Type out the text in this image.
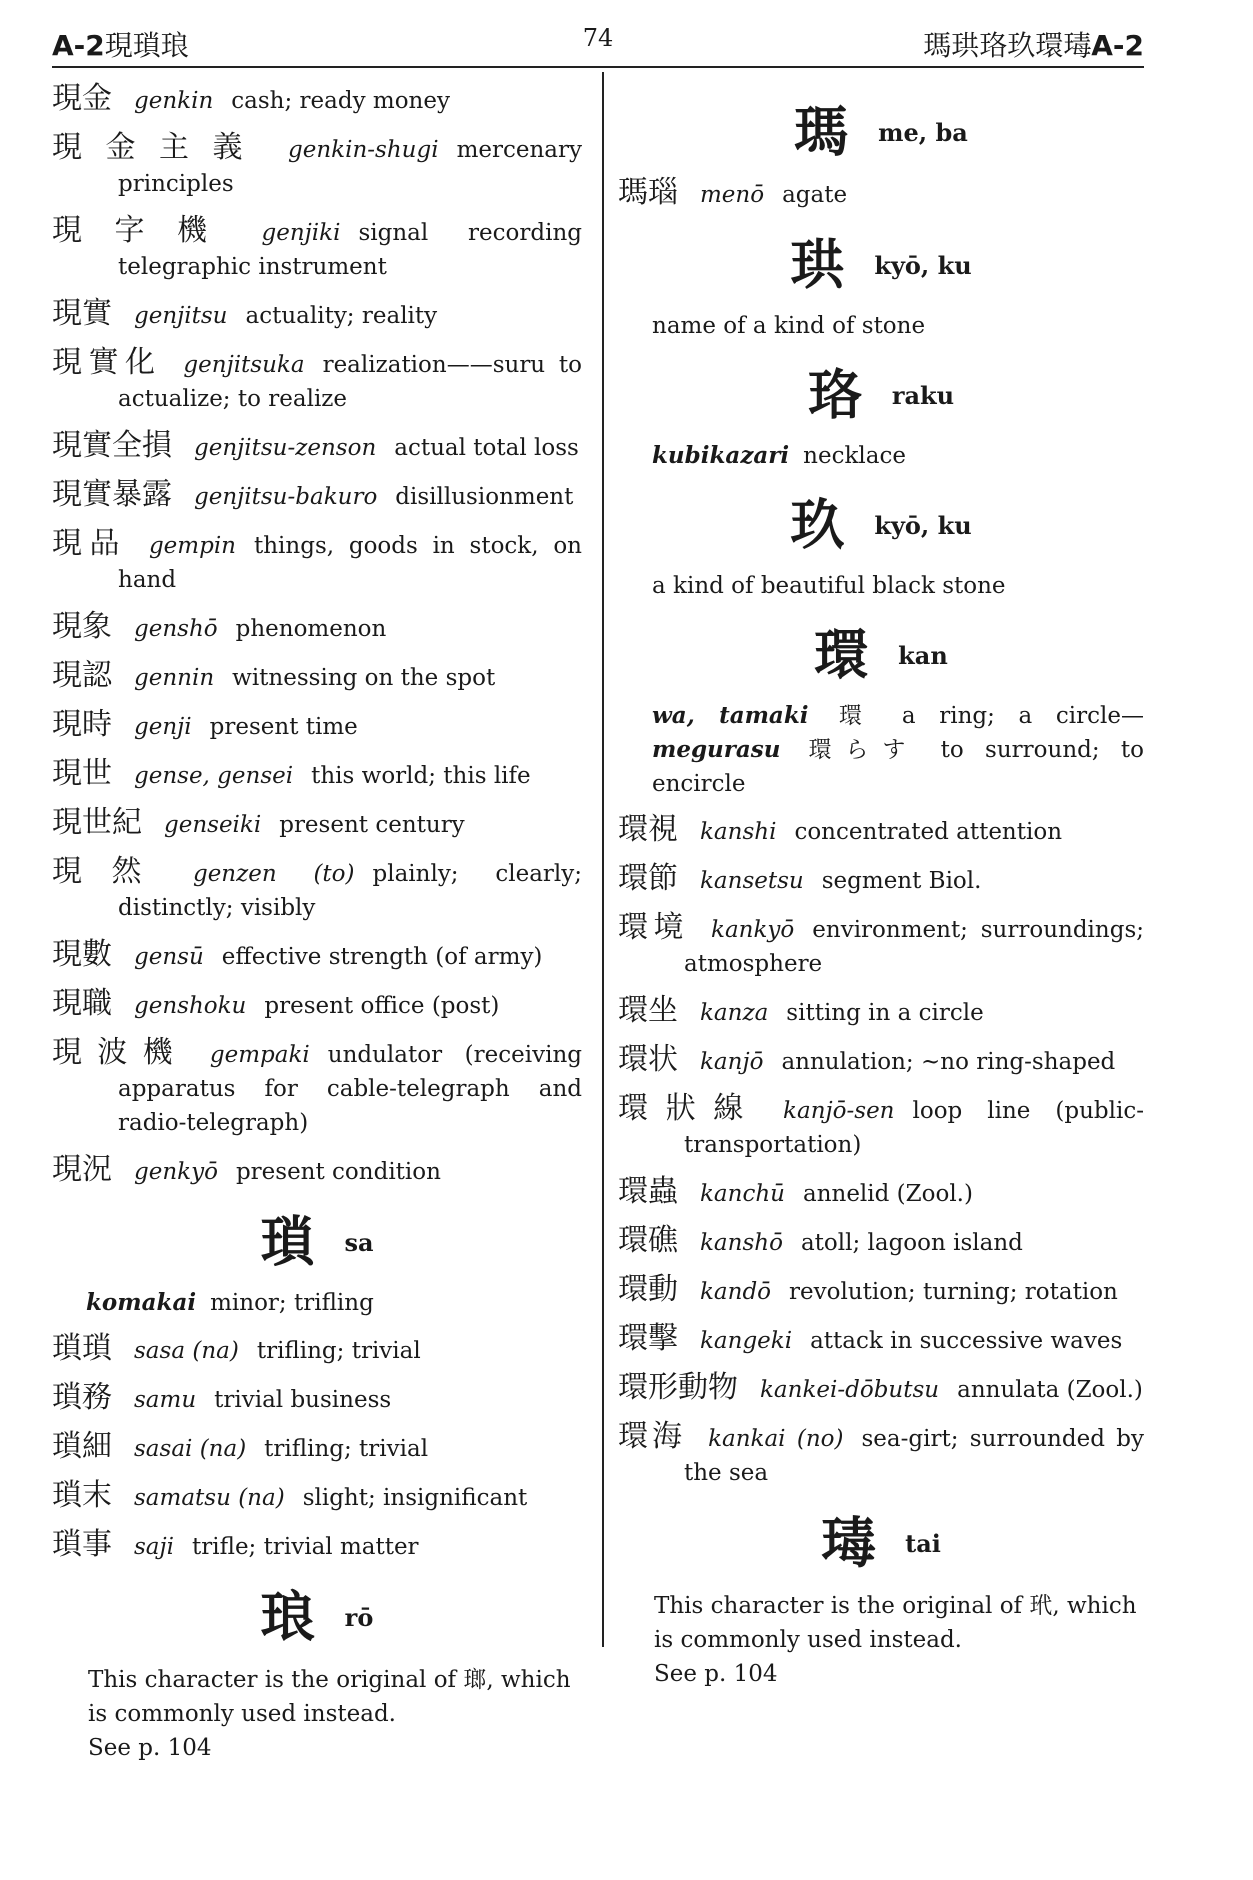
A-2現瑣琅	74	瑪珙珞玖環瑇A-2

現金 genkin cash; ready money

現金主義 genkin-shugi mercenary principles

現字機 genjiki signal recording telegraphic instrument

現實 genjitsu actuality; reality

現實化 genjitsuka realization——suru to actualize; to realize

現實全損 genjitsu-zenson actual total loss

現實暴露 genjitsu-bakuro disillusionment

現品 gempin things, goods in stock, on hand

現象 genshō phenomenon

現認 gennin witnessing on the spot

現時 genji present time

現世 gense, gensei this world; this life

現世紀 genseiki present century

現然 genzen (to) plainly; clearly; distinctly; visibly

現數 gensū effective strength (of army)

現職 genshoku present office (post)

現波機 gempaki undulator (receiving apparatus for cable-telegraph and radio-telegraph)

現況 genkyō present condition

瑣 sa

komakai minor; trifling

瑣瑣 sasa (na) trifling; trivial

瑣務 samu trivial business

瑣細 sasai (na) trifling; trivial

瑣末 samatsu (na) slight; insignificant

瑣事 saji trifle; trivial matter

琅 rō

This character is the original of 瑯, which is commonly used instead.
See p. 104

瑪 me, ba

瑪瑙 menō agate

珙 kyō, ku

name of a kind of stone

珞 raku

kubikazari necklace

玖 kyō, ku

a kind of beautiful black stone

環 kan

wa, tamaki 環 a ring; a circle— megurasu 環らす to surround; to encircle

環視 kanshi concentrated attention

環節 kansetsu segment Biol.

環境 kankyō environment; surroundings; atmosphere

環坐 kanza sitting in a circle

環状 kanjō annulation; ~no ring-shaped

環狀線 kanjō-sen loop line (public-transportation)

環蟲 kanchū annelid (Zool.)

環礁 kanshō atoll; lagoon island

環動 kandō revolution; turning; rotation

環擊 kangeki attack in successive waves

環形動物 kankei-dōbutsu annulata (Zool.)

環海 kankai (no) sea-girt; surrounded by the sea

瑇 tai

This character is the original of 玳, which is commonly used instead.
See p. 104
